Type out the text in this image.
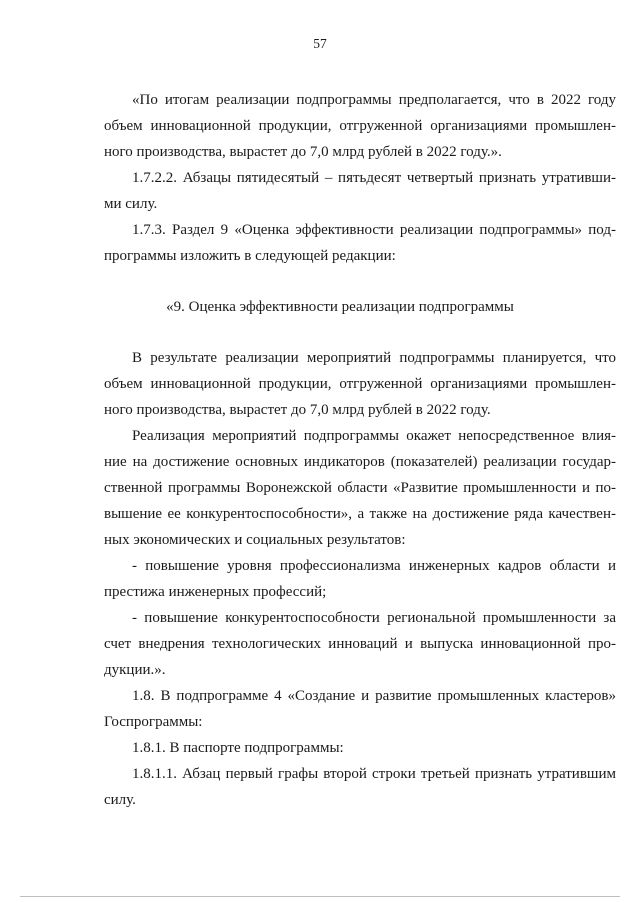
57
«По итогам реализации подпрограммы предполагается, что в 2022 году
объем инновационной продукции, отгруженной организациями промышлен-
ного производства, вырастет до 7,0 млрд рублей в 2022 году.».
1.7.2.2. Абзацы пятидесятый – пятьдесят четвертый признать утративши-
ми силу.
1.7.3. Раздел 9 «Оценка эффективности реализации подпрограммы» под-
программы изложить в следующей редакции:
«9. Оценка эффективности реализации подпрограммы
В результате реализации мероприятий подпрограммы планируется, что
объем инновационной продукции, отгруженной организациями промышлен-
ного производства, вырастет до 7,0 млрд рублей в 2022 году.
Реализация мероприятий подпрограммы окажет непосредственное влия-
ние на достижение основных индикаторов (показателей) реализации государ-
ственной программы Воронежской области «Развитие промышленности и по-
вышение ее конкурентоспособности», а также на достижение ряда качествен-
ных экономических и социальных результатов:
- повышение уровня профессионализма инженерных кадров области и
престижа инженерных профессий;
- повышение конкурентоспособности региональной промышленности за
счет внедрения технологических инноваций и выпуска инновационной про-
дукции.».
1.8. В подпрограмме 4 «Создание и развитие промышленных кластеров»
Госпрограммы:
1.8.1. В паспорте подпрограммы:
1.8.1.1. Абзац первый графы второй строки третьей признать утратившим
силу.
